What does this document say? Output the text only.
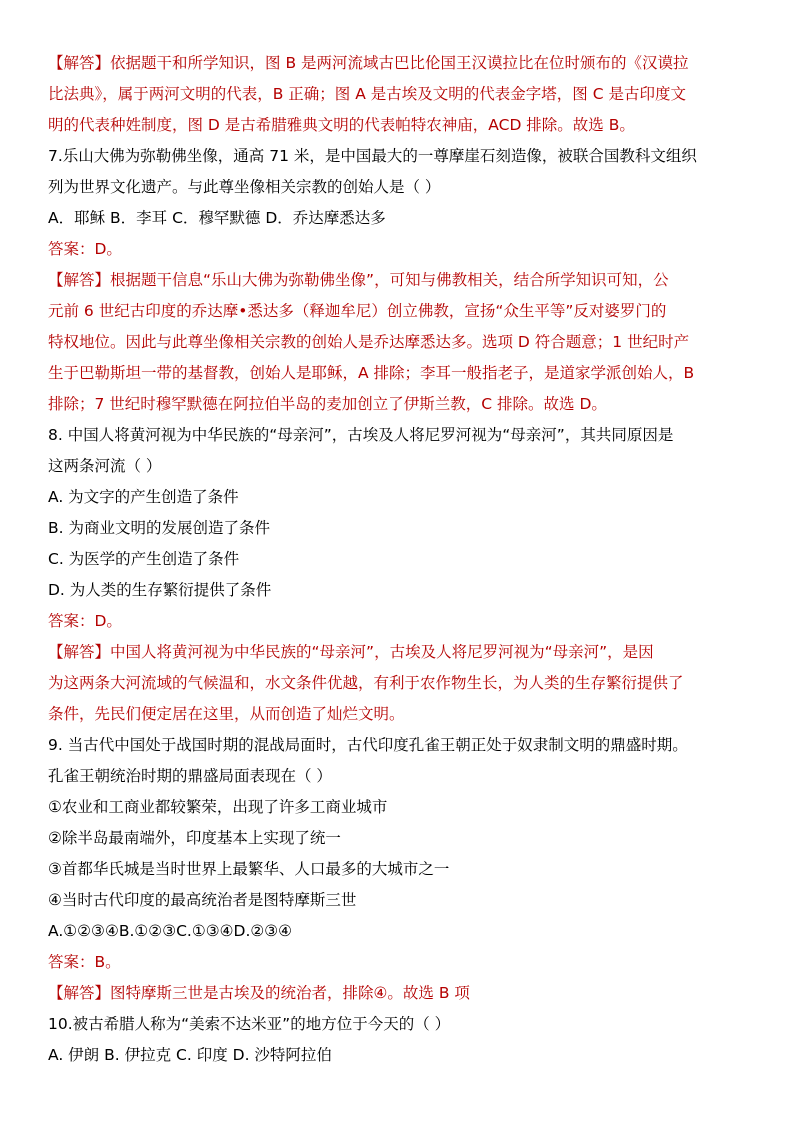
【解答】依据题干和所学知识，图 B 是两河流域古巴比伦国王汉谟拉比在位时颁布的《汉谟拉
比法典》，属于两河文明的代表，B 正确；图 A 是古埃及文明的代表金字塔，图 C 是古印度文
明的代表种姓制度，图 D 是古希腊雅典文明的代表帕特农神庙，ACD 排除。故选 B。
7.乐山大佛为弥勒佛坐像，通高 71 米，是中国最大的一尊摩崖石刻造像，被联合国教科文组织
列为世界文化遗产。与此尊坐像相关宗教的创始人是（ ）
A．耶稣 B．李耳 C．穆罕默德 D．乔达摩悉达多
答案：D。
【解答】根据题干信息“乐山大佛为弥勒佛坐像”，可知与佛教相关，结合所学知识可知，公
元前 6 世纪古印度的乔达摩•悉达多（释迦牟尼）创立佛教，宣扬“众生平等”反对婆罗门的
特权地位。因此与此尊坐像相关宗教的创始人是乔达摩悉达多。选项 D 符合题意；1 世纪时产
生于巴勒斯坦一带的基督教，创始人是耶稣，A 排除；李耳一般指老子，是道家学派创始人，B
排除；7 世纪时穆罕默德在阿拉伯半岛的麦加创立了伊斯兰教，C 排除。故选 D。
8. 中国人将黄河视为中华民族的“母亲河”，古埃及人将尼罗河视为“母亲河”，其共同原因是
这两条河流（ ）
A. 为文字的产生创造了条件
B. 为商业文明的发展创造了条件
C. 为医学的产生创造了条件
D. 为人类的生存繁衍提供了条件
答案：D。
【解答】中国人将黄河视为中华民族的“母亲河”，古埃及人将尼罗河视为“母亲河”，是因
为这两条大河流域的气候温和，水文条件优越，有利于农作物生长，为人类的生存繁衍提供了
条件，先民们便定居在这里，从而创造了灿烂文明。
9. 当古代中国处于战国时期的混战局面时，古代印度孔雀王朝正处于奴隶制文明的鼎盛时期。
孔雀王朝统治时期的鼎盛局面表现在（ ）
①农业和工商业都较繁荣，出现了许多工商业城市
②除半岛最南端外，印度基本上实现了统一
③首都华氏城是当时世界上最繁华、人口最多的大城市之一
④当时古代印度的最高统治者是图特摩斯三世
A.①②③④B.①②③C.①③④D.②③④
答案：B。
【解答】图特摩斯三世是古埃及的统治者，排除④。故选 B 项
10.被古希腊人称为“美索不达米亚”的地方位于今天的（ ）
A. 伊朗 B. 伊拉克 C. 印度 D. 沙特阿拉伯
